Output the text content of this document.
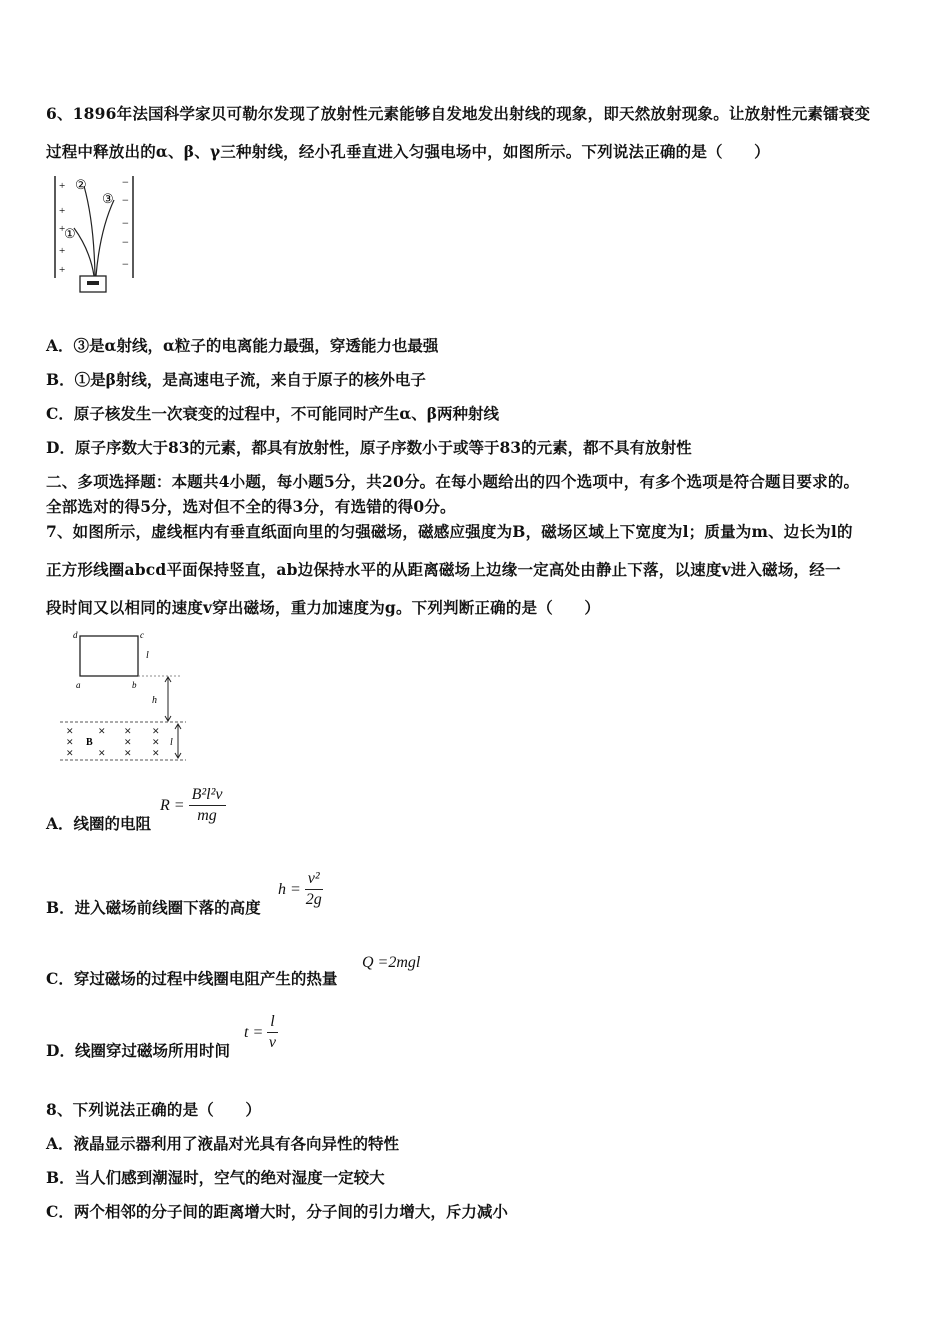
6、1896年法国科学家贝可勒尔发现了放射性元素能够自发地发出射线的现象，即天然放射现象。让放射性元素镭衰变
过程中释放出的α、β、γ三种射线，经小孔垂直进入匀强电场中，如图所示。下列说法正确的是（　　）
+
+
+
+
+
−
−
−
−
−
②
③
①
A．③是α射线，α粒子的电离能力最强，穿透能力也最强
B．①是β射线，是高速电子流，来自于原子的核外电子
C．原子核发生一次衰变的过程中，不可能同时产生α、β两种射线
D．原子序数大于83的元素，都具有放射性，原子序数小于或等于83的元素，都不具有放射性
二、多项选择题：本题共4小题，每小题5分，共20分。在每小题给出的四个选项中，有多个选项是符合题目要求的。
全部选对的得5分，选对但不全的得3分，有选错的得0分。
7、如图所示，虚线框内有垂直纸面向里的匀强磁场，磁感应强度为B，磁场区域上下宽度为l；质量为m、边长为l的
正方形线圈abcd平面保持竖直，ab边保持水平的从距离磁场上边缘一定高处由静止下落，以速度v进入磁场，经一
段时间又以相同的速度v穿出磁场，重力加速度为g。下列判断正确的是（　　）
d	c
l
a	b
h
✕	✕ ✕ ✕
✕	✕ ✕
✕	✕ ✕ ✕
B	l
A．线圈的电阻
$R = \frac{\text{B²l²v}}{mg}$
B．进入磁场前线圈下落的高度
$h = \frac{\text{v²}}{2g}$
C．穿过磁场的过程中线圈电阻产生的热量
Q =2mgl
D．线圈穿过磁场所用时间
$t = \frac{l}{v}$
8、下列说法正确的是（　　）
A．液晶显示器利用了液晶对光具有各向异性的特性
B．当人们感到潮湿时，空气的绝对湿度一定较大
C．两个相邻的分子间的距离增大时，分子间的引力增大，斥力减小
